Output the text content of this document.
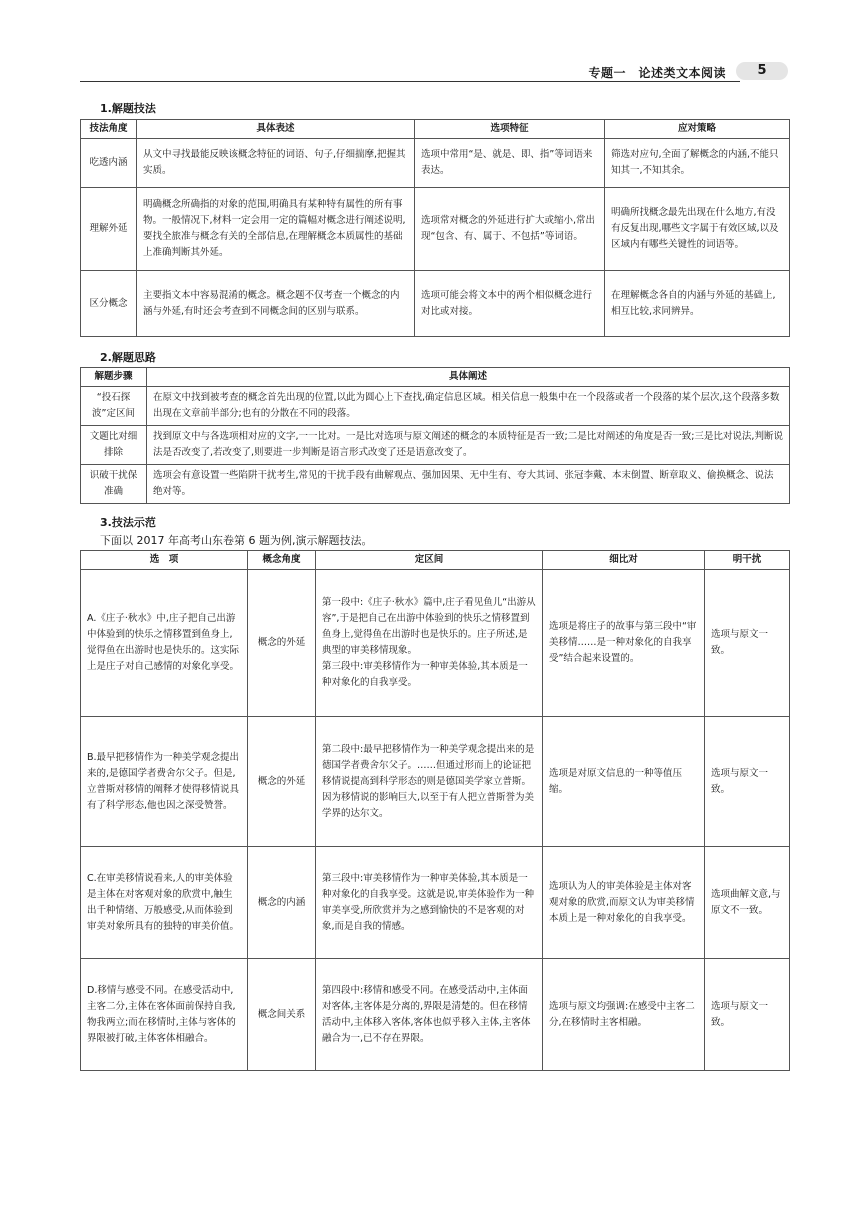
专题一　论述类文本阅读	5
1.解题技法
技法角度	具体表述	选项特征	应对策略
吃透内涵	从文中寻找最能反映该概念特征的词语、句子,仔细揣摩,把握其实质。	选项中常用“是、就是、即、指”等词语来表达。	筛选对应句,全面了解概念的内涵,不能只知其一,不知其余。
理解外延	明确概念所确指的对象的范围,明确具有某种特有属性的所有事物。一般情况下,材料一定会用一定的篇幅对概念进行阐述说明,要找全旅准与概念有关的全部信息,在理解概念本质属性的基础上准确判断其外延。	选项常对概念的外延进行扩大或缩小,常出现“包含、有、属于、不包括”等词语。	明确所找概念最先出现在什么地方,有没有反复出现,哪些文字属于有效区域,以及区域内有哪些关键性的词语等。
区分概念	主要指文本中容易混淆的概念。概念题不仅考查一个概念的内涵与外延,有时还会考查到不同概念间的区别与联系。	选项可能会将文本中的两个相似概念进行对比或对接。	在理解概念各自的内涵与外延的基础上,相互比较,求同辨异。
2.解题思路
解题步骤	具体阐述
“投石探波”定区间	在原文中找到被考查的概念首先出现的位置,以此为圆心上下查找,确定信息区域。相关信息一般集中在一个段落或者一个段落的某个层次,这个段落多数出现在文章前半部分;也有的分散在不同的段落。
文题比对细排除	找到原文中与各选项相对应的文字,一一比对。一是比对选项与原文阐述的概念的本质特征是否一致;二是比对阐述的角度是否一致;三是比对说法,判断说法是否改变了,若改变了,则要进一步判断是语言形式改变了还是语意改变了。
识破干扰保准确	选项会有意设置一些陷阱干扰考生,常见的干扰手段有曲解观点、强加因果、无中生有、夸大其词、张冠李戴、本末倒置、断章取义、偷换概念、说法绝对等。
3.技法示范
下面以 2017 年高考山东卷第 6 题为例,演示解题技法。
选　项	概念角度	定区间	细比对	明干扰
A.《庄子·秋水》中,庄子把自己出游中体验到的快乐之情移置到鱼身上,觉得鱼在出游时也是快乐的。这实际上是庄子对自己感情的对象化享受。	概念的外延	第一段中:《庄子·秋水》篇中,庄子看见鱼儿“出游从容”,于是把自己在出游中体验到的快乐之情移置到鱼身上,觉得鱼在出游时也是快乐的。庄子所述,是典型的审美移情现象。
第三段中:审美移情作为一种审美体验,其本质是一种对象化的自我享受。	选项是将庄子的故事与第三段中“审美移情……是一种对象化的自我享受”结合起来设置的。	选项与原文一致。
B.最早把移情作为一种美学观念提出来的,是德国学者费舍尔父子。但是,立普斯对移情的阐释才使得移情说具有了科学形态,他也因之深受赞誉。	概念的外延	第二段中:最早把移情作为一种美学观念提出来的是德国学者费舍尔父子。……但通过形而上的论证把移情说提高到科学形态的则是德国美学家立普斯。因为移情说的影响巨大,以至于有人把立普斯誉为美学界的达尔文。	选项是对原文信息的一种等值压缩。	选项与原文一致。
C.在审美移情说看来,人的审美体验是主体在对客观对象的欣赏中,触生出千种情绪、万般感受,从而体验到审美对象所具有的独特的审美价值。	概念的内涵	第三段中:审美移情作为一种审美体验,其本质是一种对象化的自我享受。这就是说,审美体验作为一种审美享受,所欣赏并为之感到愉快的不是客观的对象,而是自我的情感。	选项认为人的审美体验是主体对客观对象的欣赏,而原文认为审美移情本质上是一种对象化的自我享受。	选项曲解文意,与原文不一致。
D.移情与感受不同。在感受活动中,主客二分,主体在客体面前保持自我,物我两立;而在移情时,主体与客体的界限被打破,主体客体相融合。	概念间关系	第四段中:移情和感受不同。在感受活动中,主体面对客体,主客体是分离的,界限是清楚的。但在移情活动中,主体移入客体,客体也似乎移入主体,主客体融合为一,已不存在界限。	选项与原文均强调:在感受中主客二分,在移情时主客相融。	选项与原文一致。
